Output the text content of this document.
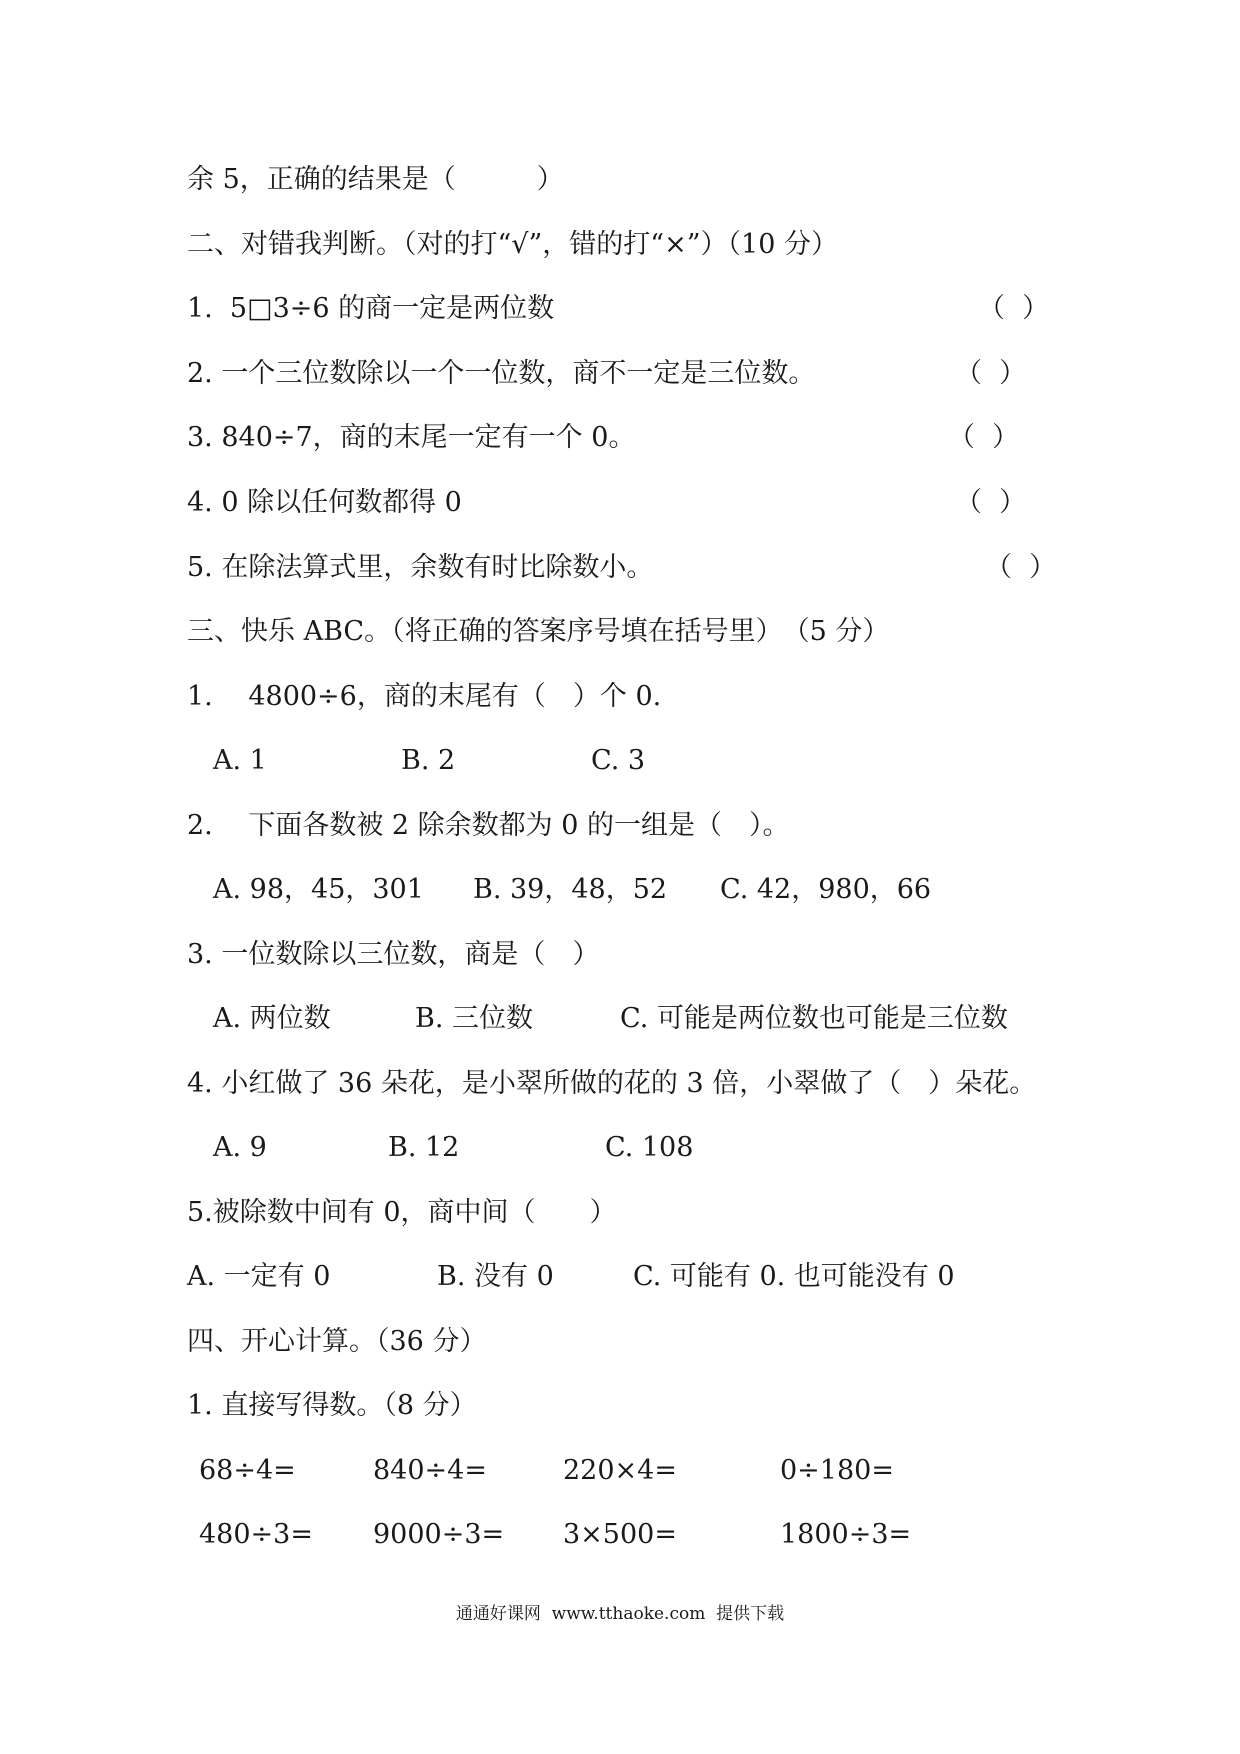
余 5，正确的结果是（　　　）
二、对错我判断。（对的打“√”，错的打“×”）（10 分）
1.  5□3÷6 的商一定是两位数	（  ）
2. 一个三位数除以一个一位数，商不一定是三位数。	（  ）
3. 840÷7，商的末尾一定有一个 0。	（  ）
4. 0 除以任何数都得 0	（  ）
5. 在除法算式里，余数有时比除数小。	（  ）
三、快乐 ABC。（将正确的答案序号填在括号里）　（5 分）
1.　 4800÷6，商的末尾有（　）个 0.
A. 1	B. 2	C. 3
2.　 下面各数被 2 除余数都为 0 的一组是（　）。
A. 98，45，301 B. 39，48，52 C. 42，980，66
3. 一位数除以三位数，商是（　）
A. 两位数	B. 三位数	C. 可能是两位数也可能是三位数
4. 小红做了 36 朵花，是小翠所做的花的 3 倍，小翠做了（　）朵花。
A. 9	B. 12	C. 108
5.被除数中间有 0，商中间（　　）
A. 一定有 0	B. 没有 0	C. 可能有 0. 也可能没有 0
四、开心计算。（36 分）
1. 直接写得数。（8 分）
68÷4=	840÷4=	220×4=	0÷180=
480÷3= 9000÷3= 3×500=	1800÷3=
通通好课网  www.tthaoke.com  提供下载
